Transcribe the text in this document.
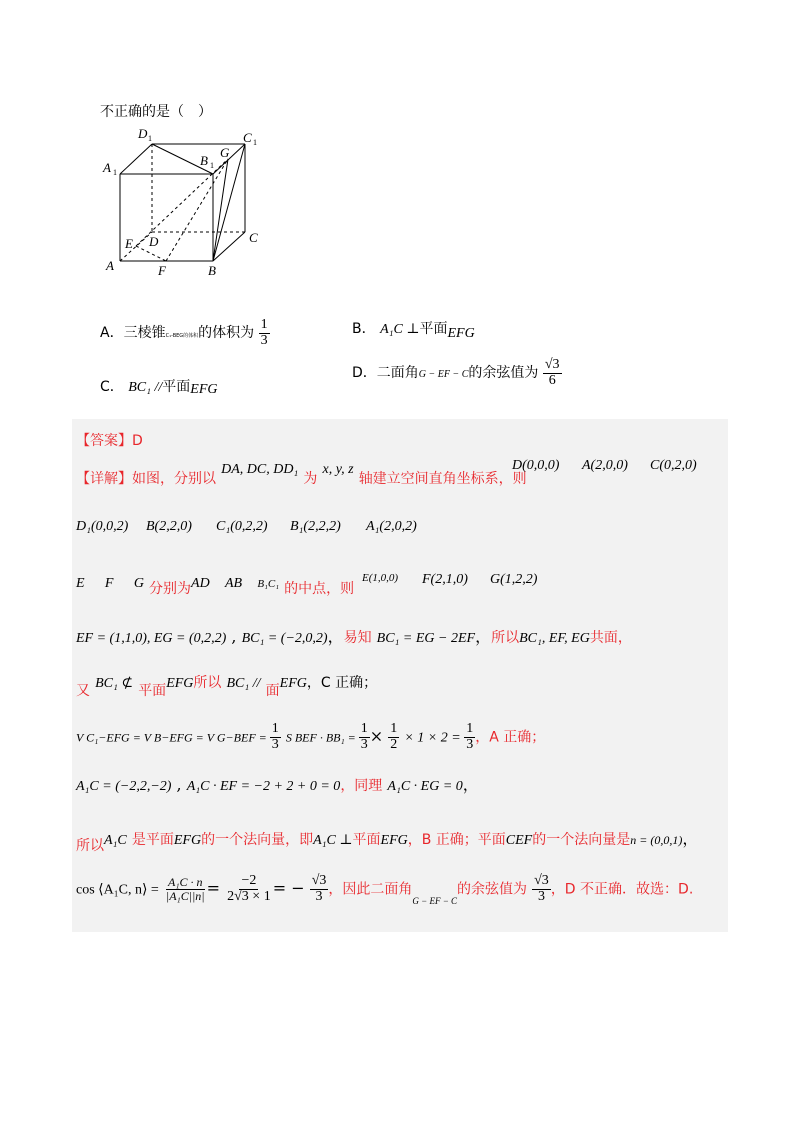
不正确的是（　）
D 1	C 1
A 1
B 1
G
E D	C
A	F	B
A．三棱锥C₁-BEG的体积的体积为 $\frac{1}{3}$	B． A₁C ⊥平面EFG
C． BC₁ //平面EFG
D．二面角G − EF − C的余弦值为 $\frac{√3}{6}$
【答案】D
【详解】如图，分别以 DA, DC, DD₁ 为 x, y, z 轴建立空间直角坐标系，则
D(0,0,0) A(2,0,0) C(0,2,0)
D₁(0,0,2) B(2,2,0) C₁(0,2,2) B₁(2,2,2) A₁(2,0,2)
E F G 分别为AD AB B₁C₁ 的中点，则
E(1,0,0) F(2,1,0) G(1,2,2)
EF = (1,1,0), EG = (0,2,2) , BC₁ = (−2,0,2)，易知 BC₁ = EG − 2EF，所以BC₁, EF, EG共面，
又 BC₁ ⊄ 平面EFG所以 BC₁ // 面EFG，C 正确；
V C₁−EFG = V B−EFG = V $G-BEF = \frac{1}{3}$ S BEF · $BB_1 = \frac{1}{3} \times \frac{1}{2} \times 1 \times 2 = \frac{1}{3}$ ，A 正确；
A₁C = (−2,2,−2) , A₁C · EF = −2 + 2 + 0 = 0，同理 A₁C · EG = 0，
所以A₁C 是平面EFG的一个法向量，即A₁C ⊥平面EFG，B 正确；平面CEF的一个法向量是n = (0,0,1)，
cos ⟨A₁C, n⟩ = $\frac{\text{A₁C · n}}{\text{|A₁C||n|}} = \frac{-2}{2√3 \times 1}$ = − $\frac{√3}{3}$ ，因此二面角$_{G - EF - C}$的余弦值为 $\frac{√3}{3}$ ，D 不正确．故选：D.
